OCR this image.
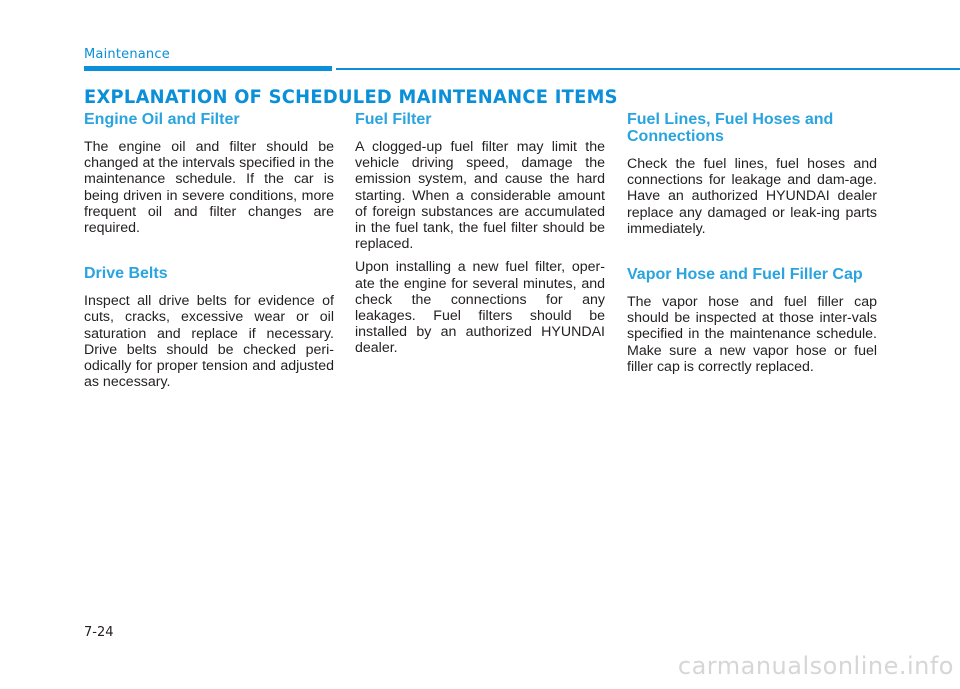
Maintenance
EXPLANATION OF SCHEDULED MAINTENANCE ITEMS
Engine Oil and Filter

The engine oil and filter should be changed at the intervals specified in the maintenance schedule. If the car is being driven in severe conditions, more frequent oil and filter changes are required.

Drive Belts

Inspect all drive belts for evidence of cuts, cracks, excessive wear or oil saturation and replace if necessary. Drive belts should be checked peri-odically for proper tension and adjusted as necessary.

Fuel Filter

A clogged-up fuel filter may limit the vehicle driving speed, damage the emission system, and cause the hard starting. When a considerable amount of foreign substances are accumulated in the fuel tank, the fuel filter should be replaced.

Upon installing a new fuel filter, oper-ate the engine for several minutes, and check the connections for any leakages. Fuel filters should be installed by an authorized HYUNDAI dealer.

Fuel Lines, Fuel Hoses and Connections

Check the fuel lines, fuel hoses and connections for leakage and dam-age. Have an authorized HYUNDAI dealer replace any damaged or leak-ing parts immediately.

Vapor Hose and Fuel Filler Cap

The vapor hose and fuel filler cap should be inspected at those inter-vals specified in the maintenance schedule. Make sure a new vapor hose or fuel filler cap is correctly replaced.

7-24
carmanualsonline.info
